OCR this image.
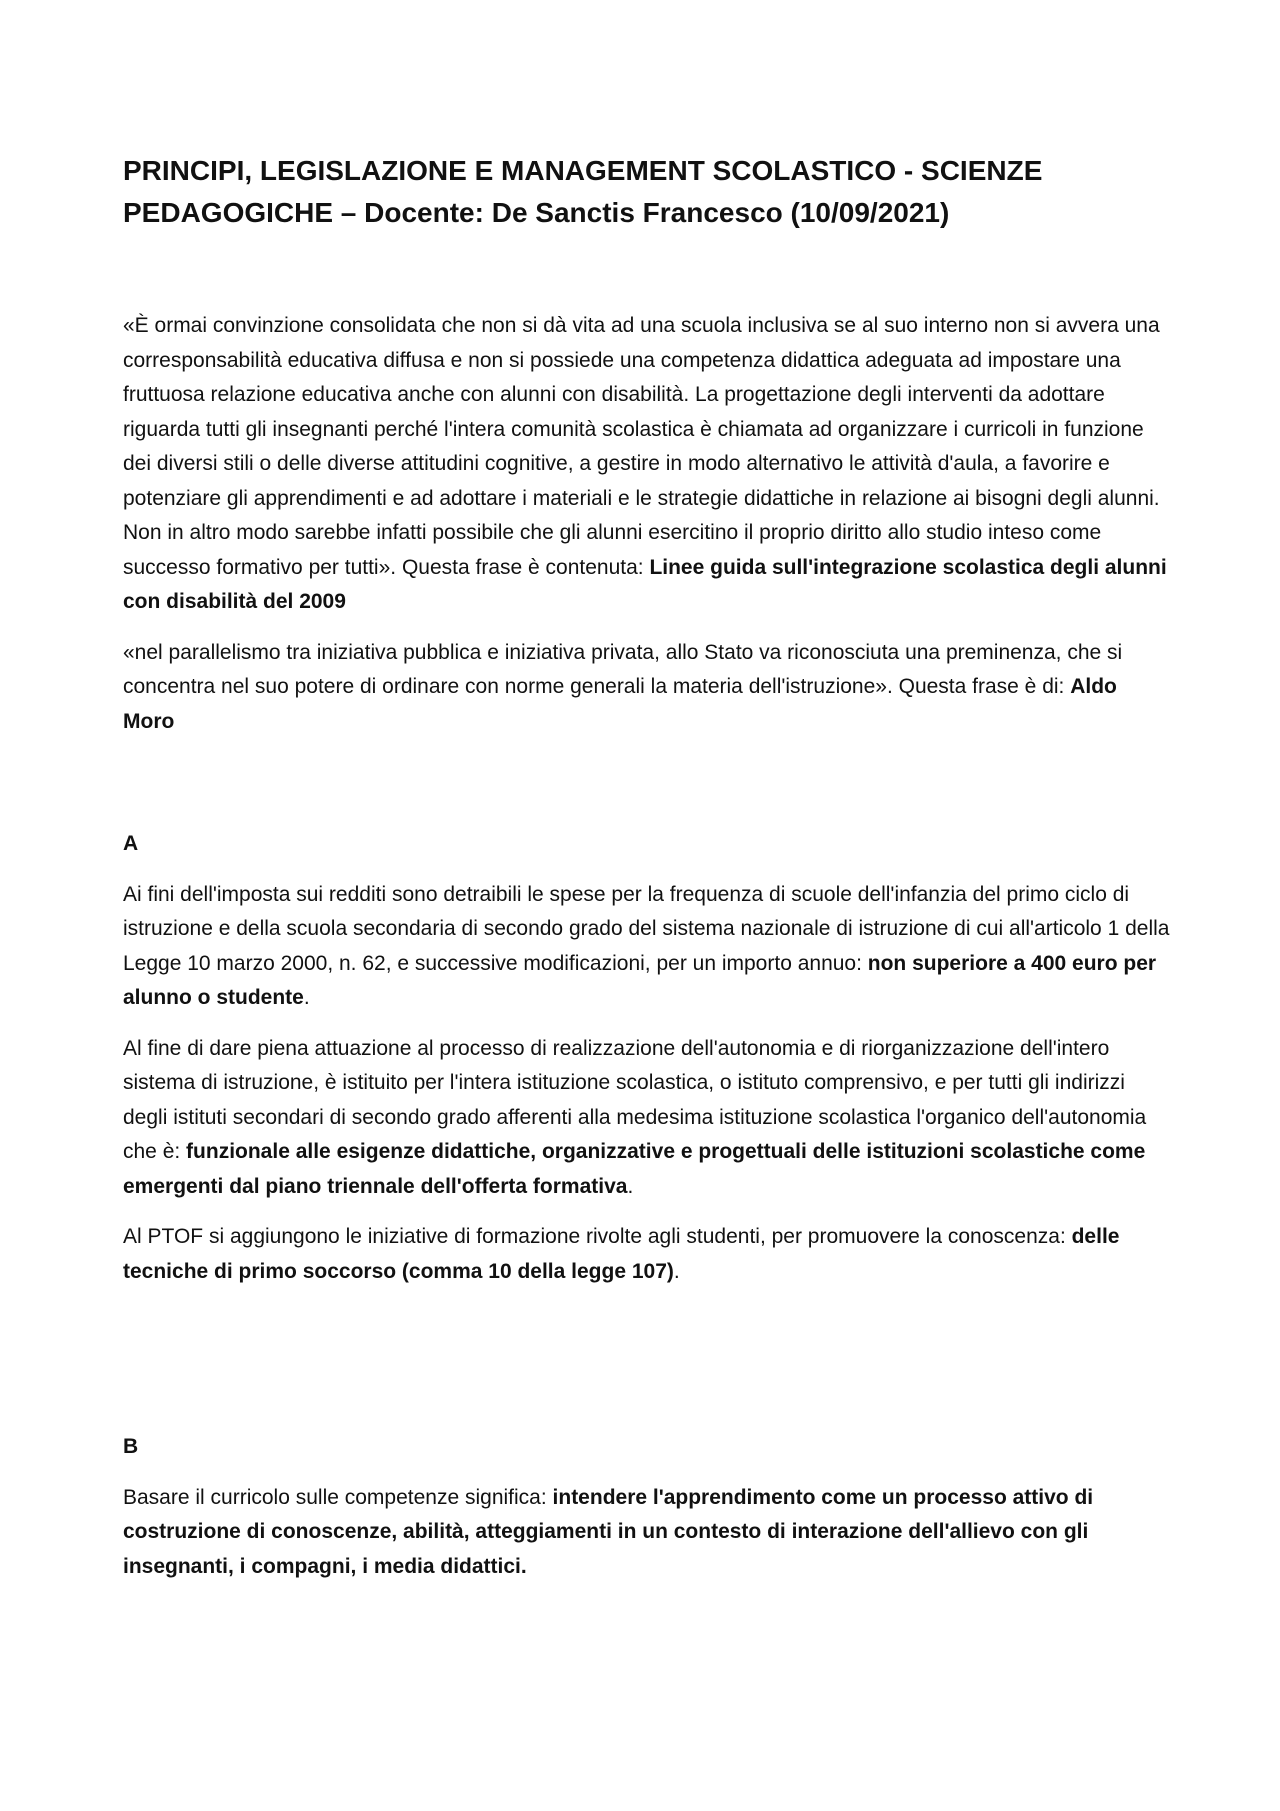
PRINCIPI, LEGISLAZIONE E MANAGEMENT SCOLASTICO - SCIENZE PEDAGOGICHE – Docente: De Sanctis Francesco (10/09/2021)

«È ormai convinzione consolidata che non si dà vita ad una scuola inclusiva se al suo interno non si avvera una corresponsabilità educativa diffusa e non si possiede una competenza didattica adeguata ad impostare una fruttuosa relazione educativa anche con alunni con disabilità. La progettazione degli interventi da adottare riguarda tutti gli insegnanti perché l'intera comunità scolastica è chiamata ad organizzare i curricoli in funzione dei diversi stili o delle diverse attitudini cognitive, a gestire in modo alternativo le attività d'aula, a favorire e potenziare gli apprendimenti e ad adottare i materiali e le strategie didattiche in relazione ai bisogni degli alunni. Non in altro modo sarebbe infatti possibile che gli alunni esercitino il proprio diritto allo studio inteso come successo formativo per tutti». Questa frase è contenuta: Linee guida sull'integrazione scolastica degli alunni con disabilità del 2009

«nel parallelismo tra iniziativa pubblica e iniziativa privata, allo Stato va riconosciuta una preminenza, che si concentra nel suo potere di ordinare con norme generali la materia dell'istruzione». Questa frase è di: Aldo Moro

A

Ai fini dell'imposta sui redditi sono detraibili le spese per la frequenza di scuole dell'infanzia del primo ciclo di istruzione e della scuola secondaria di secondo grado del sistema nazionale di istruzione di cui all'articolo 1 della Legge 10 marzo 2000, n. 62, e successive modificazioni, per un importo annuo: non superiore a 400 euro per alunno o studente.

Al fine di dare piena attuazione al processo di realizzazione dell'autonomia e di riorganizzazione dell'intero sistema di istruzione, è istituito per l'intera istituzione scolastica, o istituto comprensivo, e per tutti gli indirizzi degli istituti secondari di secondo grado afferenti alla medesima istituzione scolastica l'organico dell'autonomia che è: funzionale alle esigenze didattiche, organizzative e progettuali delle istituzioni scolastiche come emergenti dal piano triennale dell'offerta formativa.

Al PTOF si aggiungono le iniziative di formazione rivolte agli studenti, per promuovere la conoscenza: delle tecniche di primo soccorso (comma 10 della legge 107).

B

Basare il curricolo sulle competenze significa: intendere l'apprendimento come un processo attivo di costruzione di conoscenze, abilità, atteggiamenti in un contesto di interazione dell'allievo con gli insegnanti, i compagni, i media didattici.
